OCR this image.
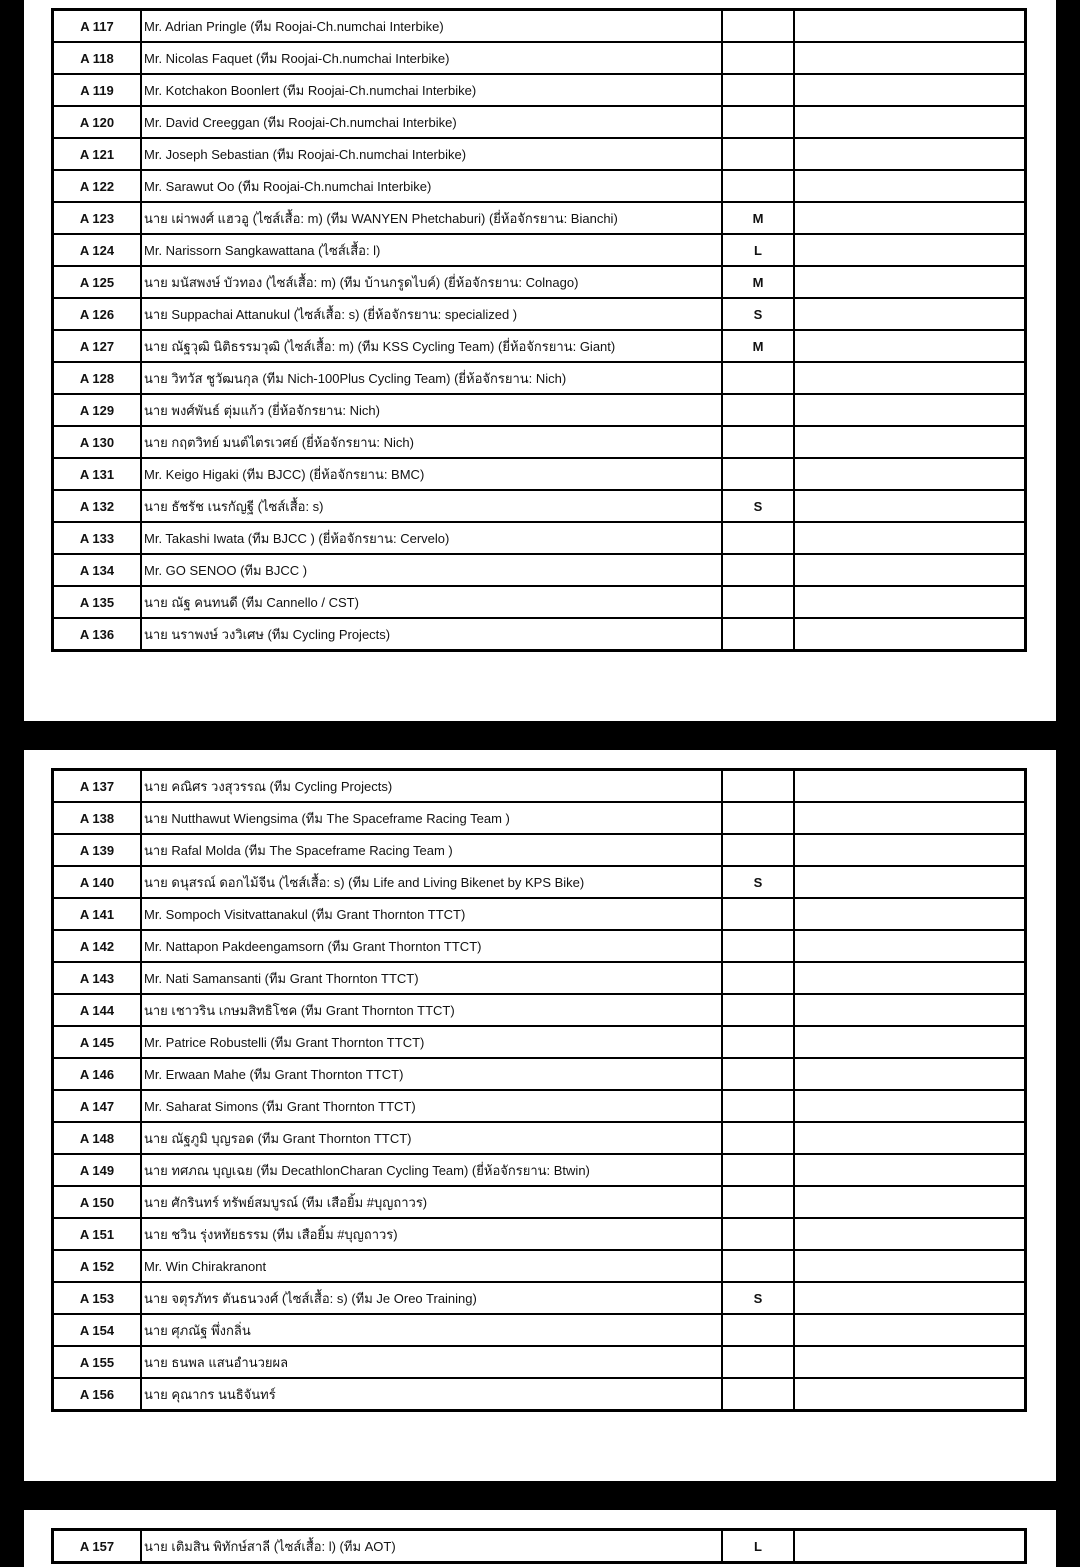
A 117	Mr. Adrian Pringle (ทีม Roojai-Ch.numchai Interbike)		
A 118	Mr. Nicolas Faquet (ทีม Roojai-Ch.numchai Interbike)		
A 119	Mr. Kotchakon Boonlert (ทีม Roojai-Ch.numchai Interbike)		
A 120	Mr. David Creeggan (ทีม Roojai-Ch.numchai Interbike)		
A 121	Mr. Joseph Sebastian (ทีม Roojai-Ch.numchai Interbike)		
A 122	Mr. Sarawut Oo (ทีม Roojai-Ch.numchai Interbike)		
A 123	นาย เผ่าพงศ์ แฮวอู (ไซส์เสื้อ: m) (ทีม WANYEN Phetchaburi) (ยี่ห้อจักรยาน: Bianchi)	M	
A 124	Mr. Narissorn Sangkawattana (ไซส์เสื้อ: l)	L	
A 125	นาย มนัสพงษ์ บัวทอง (ไซส์เสื้อ: m) (ทีม บ้านกรูดไบค์) (ยี่ห้อจักรยาน: Colnago)	M	
A 126	นาย Suppachai Attanukul (ไซส์เสื้อ: s) (ยี่ห้อจักรยาน: specialized )	S	
A 127	นาย ณัฐวุฒิ นิติธรรมวุฒิ (ไซส์เสื้อ: m) (ทีม KSS Cycling Team) (ยี่ห้อจักรยาน: Giant)	M	
A 128	นาย วิทวัส ชูวัฒนกุล (ทีม Nich-100Plus Cycling Team) (ยี่ห้อจักรยาน: Nich)		
A 129	นาย พงศ์พันธ์ ตุ่มแก้ว (ยี่ห้อจักรยาน: Nich)		
A 130	นาย กฤตวิทย์ มนต์ไตรเวศย์ (ยี่ห้อจักรยาน: Nich)		
A 131	Mr. Keigo Higaki (ทีม BJCC) (ยี่ห้อจักรยาน: BMC)		
A 132	นาย ธัชรัช เนรกัญฐี (ไซส์เสื้อ: s)	S	
A 133	Mr. Takashi Iwata (ทีม BJCC ) (ยี่ห้อจักรยาน: Cervelo)		
A 134	Mr. GO SENOO (ทีม BJCC )		
A 135	นาย ณัฐ คนทนดี (ทีม Cannello / CST)		
A 136	นาย นราพงษ์ วงวิเศษ (ทีม Cycling Projects)		
A 137	นาย คณิศร วงสุวรรณ (ทีม Cycling Projects)		
A 138	นาย Nutthawut Wiengsima (ทีม The Spaceframe Racing Team )		
A 139	นาย Rafal Molda (ทีม The Spaceframe Racing Team )		
A 140	นาย ดนุสรณ์ ดอกไม้จีน (ไซส์เสื้อ: s) (ทีม Life and Living Bikenet by KPS Bike)	S	
A 141	Mr. Sompoch Visitvattanakul (ทีม Grant Thornton TTCT)		
A 142	Mr. Nattapon Pakdeengamsorn (ทีม Grant Thornton TTCT)		
A 143	Mr. Nati Samansanti (ทีม Grant Thornton TTCT)		
A 144	นาย เชาวริน เกษมสิทธิโชค (ทีม Grant Thornton TTCT)		
A 145	Mr. Patrice Robustelli (ทีม Grant Thornton TTCT)		
A 146	Mr. Erwaan Mahe (ทีม Grant Thornton TTCT)		
A 147	Mr. Saharat Simons (ทีม Grant Thornton TTCT)		
A 148	นาย ณัฐภูมิ บุญรอด (ทีม Grant Thornton TTCT)		
A 149	นาย ทศภณ บุญเฉย (ทีม DecathlonCharan Cycling Team) (ยี่ห้อจักรยาน: Btwin)		
A 150	นาย ศักรินทร์ ทรัพย์สมบูรณ์ (ทีม เสือยิ้ม #บุญถาวร)		
A 151	นาย ชวิน รุ่งหทัยธรรม (ทีม เสือยิ้ม #บุญถาวร)		
A 152	Mr. Win Chirakranont		
A 153	นาย จตุรภัทร ตันธนวงศ์ (ไซส์เสื้อ: s) (ทีม Je Oreo Training)	S	
A 154	นาย ศุภณัฐ พึ่งกลิ่น		
A 155	นาย ธนพล แสนอำนวยผล		
A 156	นาย คุณากร นนธิจันทร์		
A 157	นาย เติมสิน พิทักษ์สาลี (ไซส์เสื้อ: l) (ทีม AOT)	L	
